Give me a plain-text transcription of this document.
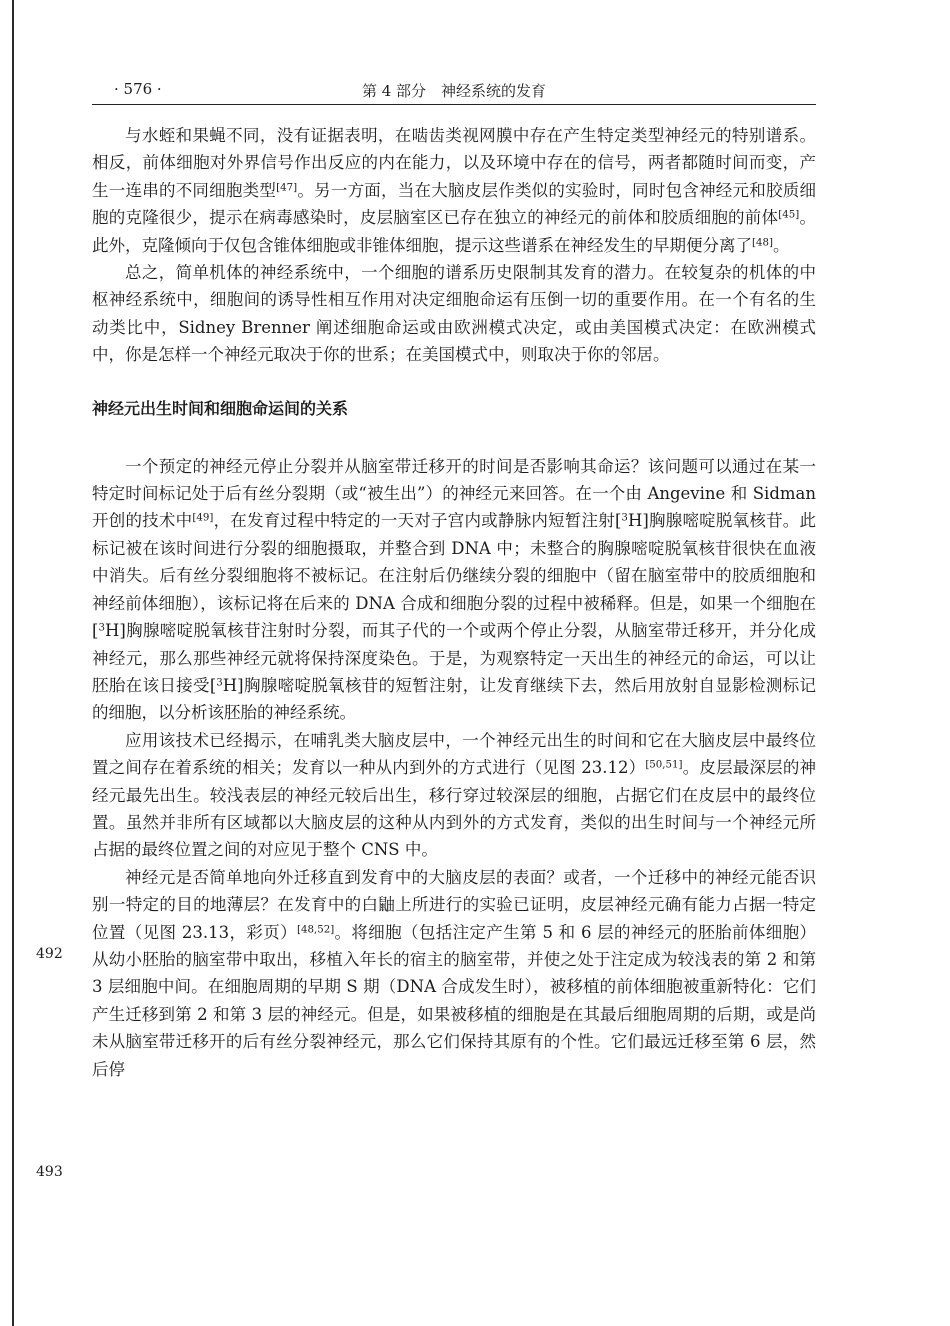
· 576 ·	第 4 部分　神经系统的发育

与水蛭和果蝇不同，没有证据表明，在啮齿类视网膜中存在产生特定类型神经元的特别谱系。相反，前体细胞对外界信号作出反应的内在能力，以及环境中存在的信号，两者都随时间而变，产生一连串的不同细胞类型[47]。另一方面，当在大脑皮层作类似的实验时，同时包含神经元和胶质细胞的克隆很少，提示在病毒感染时，皮层脑室区已存在独立的神经元的前体和胶质细胞的前体[45]。此外，克隆倾向于仅包含锥体细胞或非锥体细胞，提示这些谱系在神经发生的早期便分离了[48]。

总之，简单机体的神经系统中，一个细胞的谱系历史限制其发育的潜力。在较复杂的机体的中枢神经系统中，细胞间的诱导性相互作用对决定细胞命运有压倒一切的重要作用。在一个有名的生动类比中，Sidney Brenner 阐述细胞命运或由欧洲模式决定，或由美国模式决定：在欧洲模式中，你是怎样一个神经元取决于你的世系；在美国模式中，则取决于你的邻居。

神经元出生时间和细胞命运间的关系

一个预定的神经元停止分裂并从脑室带迁移开的时间是否影响其命运？该问题可以通过在某一特定时间标记处于后有丝分裂期（或“被生出”）的神经元来回答。在一个由 Angevine 和 Sidman 开创的技术中[49]，在发育过程中特定的一天对子宫内或静脉内短暂注射[$^3$H]胸腺嘧啶脱氧核苷。此标记被在该时间进行分裂的细胞摄取，并整合到 DNA 中；未整合的胸腺嘧啶脱氧核苷很快在血液中消失。后有丝分裂细胞将不被标记。在注射后仍继续分裂的细胞中（留在脑室带中的胶质细胞和神经前体细胞），该标记将在后来的 DNA 合成和细胞分裂的过程中被稀释。但是，如果一个细胞在[$^3$H]胸腺嘧啶脱氧核苷注射时分裂，而其子代的一个或两个停止分裂，从脑室带迁移开，并分化成神经元，那么那些神经元就将保持深度染色。于是，为观察特定一天出生的神经元的命运，可以让胚胎在该日接受[$^3$H]胸腺嘧啶脱氧核苷的短暂注射，让发育继续下去，然后用放射自显影检测标记的细胞，以分析该胚胎的神经系统。

应用该技术已经揭示，在哺乳类大脑皮层中，一个神经元出生的时间和它在大脑皮层中最终位置之间存在着系统的相关；发育以一种从内到外的方式进行（见图 23.12）[50,51]。皮层最深层的神经元最先出生。较浅表层的神经元较后出生，移行穿过较深层的细胞，占据它们在皮层中的最终位置。虽然并非所有区域都以大脑皮层的这种从内到外的方式发育，类似的出生时间与一个神经元所占据的最终位置之间的对应见于整个 CNS 中。

神经元是否简单地向外迁移直到发育中的大脑皮层的表面？或者，一个迁移中的神经元能否识别一特定的目的地薄层？在发育中的白鼬上所进行的实验已证明，皮层神经元确有能力占据一特定位置（见图 23.13，彩页）[48,52]。将细胞（包括注定产生第 5 和 6 层的神经元的胚胎前体细胞）从幼小胚胎的脑室带中取出，移植入年长的宿主的脑室带，并使之处于注定成为较浅表的第 2 和第 3 层细胞中间。在细胞周期的早期 S 期（DNA 合成发生时），被移植的前体细胞被重新特化：它们产生迁移到第 2 和第 3 层的神经元。但是，如果被移植的细胞是在其最后细胞周期的后期，或是尚未从脑室带迁移开的后有丝分裂神经元，那么它们保持其原有的个性。它们最远迁移至第 6 层，然后停

492
493
